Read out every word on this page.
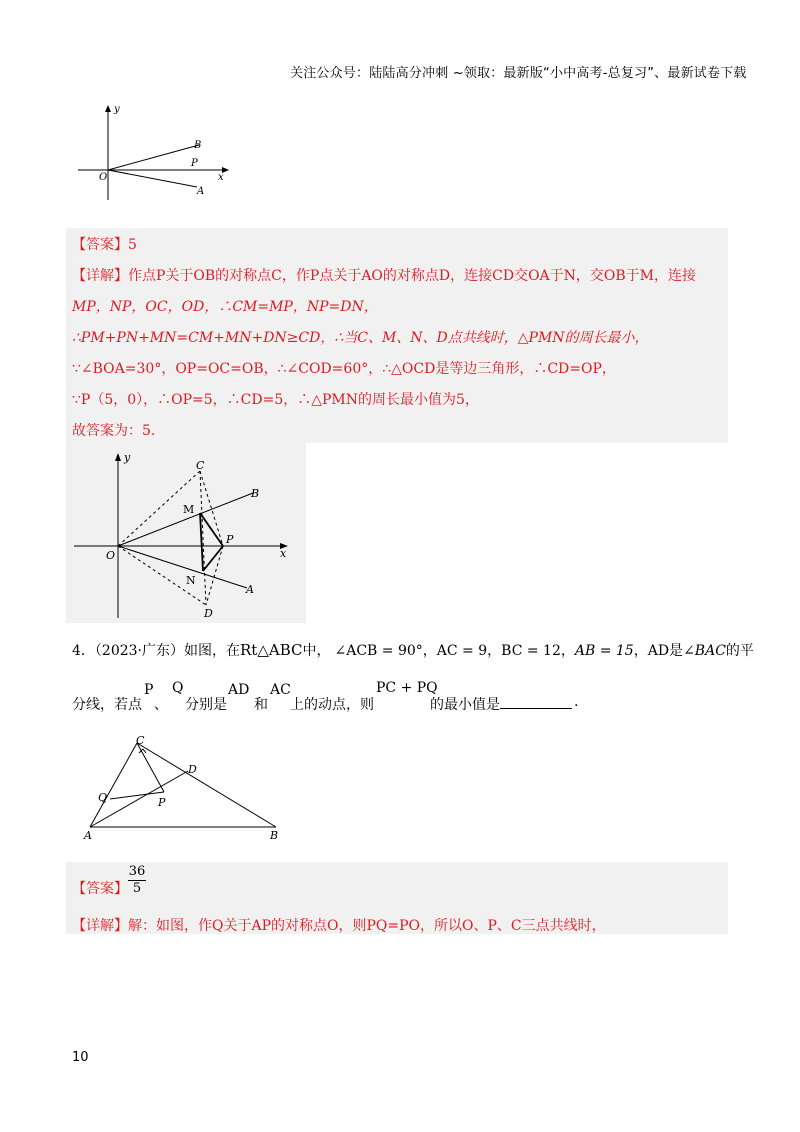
关注公众号：陆陆高分冲刺 ~领取：最新版“小中高考-总复习”、最新试卷下载
y
x
O
B
P
A
【答案】5
【详解】作点P关于OB的对称点C，作P点关于AO的对称点D，连接CD交OA于N，交OB于M，连接
MP，NP，OC，OD，∴CM=MP，NP=DN，
∴PM+PN+MN=CM+MN+DN≥CD，∴当C、M、N、D点共线时，△PMN的周长最小，
∵∠BOA=30°，OP=OC=OB，∴∠COD=60°，∴△OCD是等边三角形，∴CD=OP，
∵P（5，0），∴OP=5，∴CD=5，∴△PMN的周长最小值为5，
故答案为：5.
y
x
O
C
B
M
P
N
A
D
4．（2023·广东）如图，在Rt△ABC中， ∠ACB = 90°，AC = 9，BC = 12，AB = 15，AD是∠BAC的平
分线，若点
P
、
Q
分别是
AD
和
AC
上的动点，则
PC + PQ
的最小值是	.
C
D
Q	P
A	B
【答案】 $\frac{36}{5}$
【详解】解：如图，作Q关于AP的对称点O，则PQ=PO，所以O、P、C三点共线时，
10
